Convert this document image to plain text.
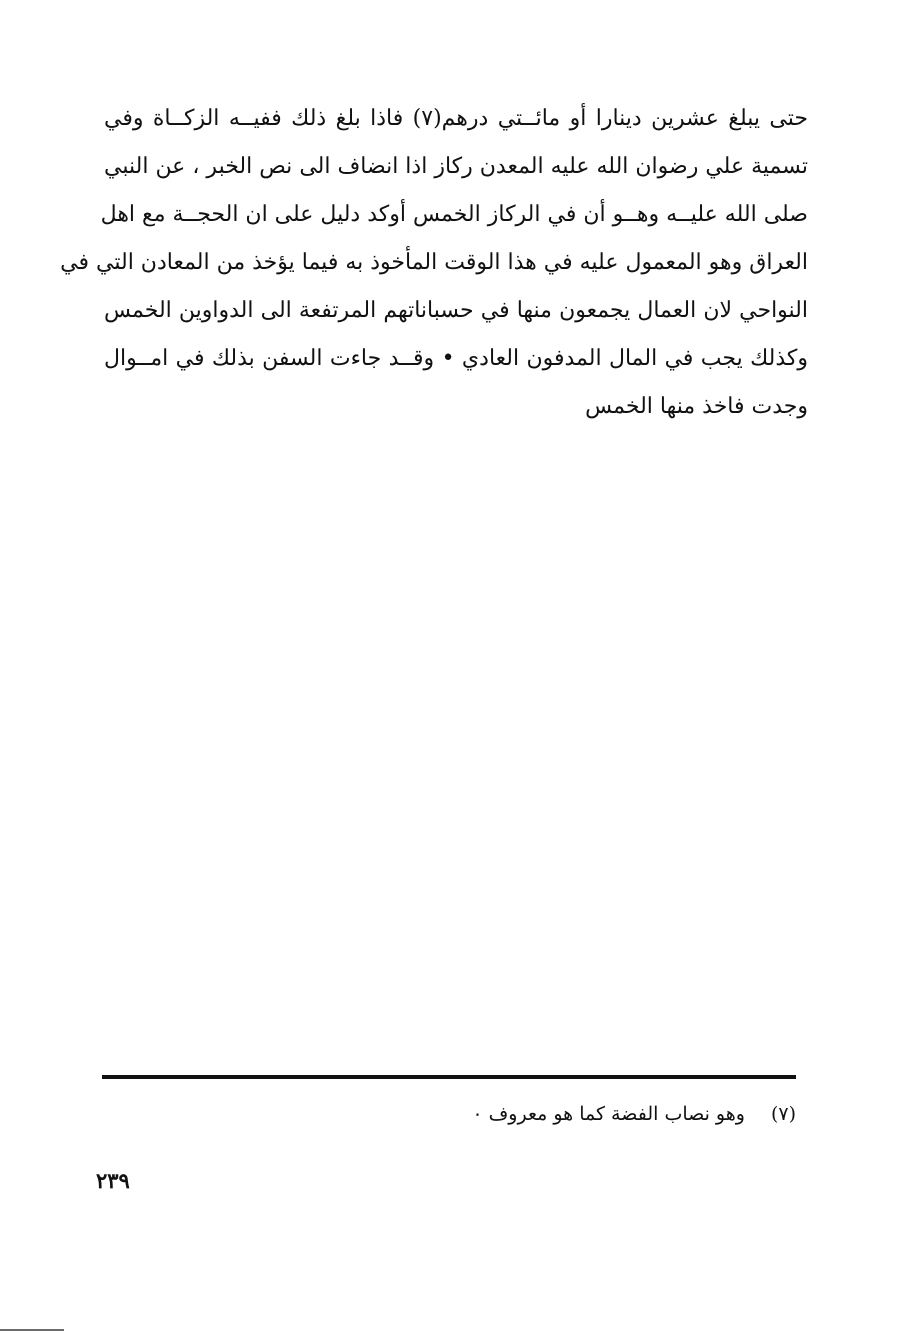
حتى يبلغ عشرين دينارا أو مائــتي درهم(٧) فاذا بلغ ذلك ففيــه الزكــاة وفي
تسمية علي رضوان الله عليه المعدن ركاز اذا انضاف الى نص الخبر ، عن النبي
صلى الله عليــه وهــو أن في الركاز الخمس أوكد دليل على ان الحجــة مع اهل
العراق وهو المعمول عليه في هذا الوقت المأخوذ به فيما يؤخذ من المعادن التي في
النواحي لان العمال يجمعون منها في حسباناتهم المرتفعة الى الدواوين الخمس
وكذلك يجب في المال المدفون العادي • وقــد جاءت السفن بذلك في امــوال
وجدت فاخذ منها الخمس
(٧)وهو نصاب الفضة كما هو معروف ٠
٢٣٩
